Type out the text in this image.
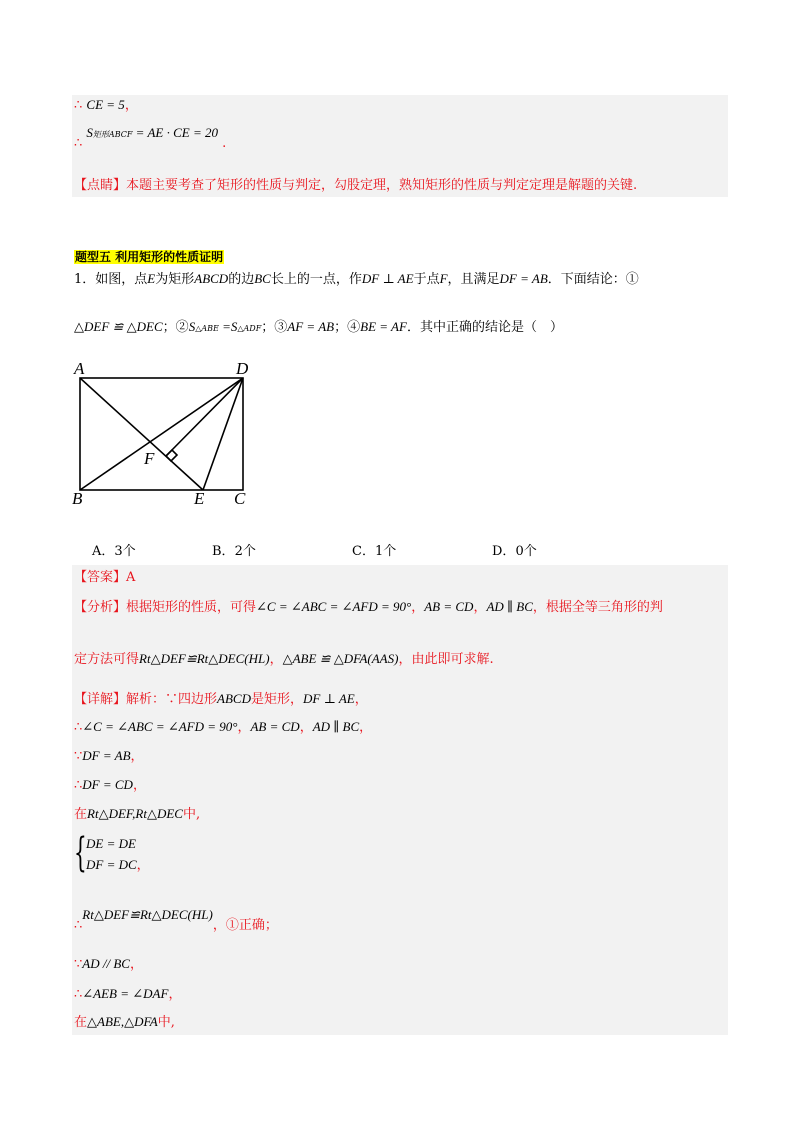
∴ CE = 5，
∴ S矩形ABCF = AE · CE = 20 .
【点睛】本题主要考查了矩形的性质与判定，勾股定理，熟知矩形的性质与判定定理是解题的关键.
题型五 利用矩形的性质证明
1．如图，点E为矩形ABCD的边BC长上的一点，作DF ⊥ AE于点F，且满足DF = AB．下面结论：①
△DEF ≌ △DEC；②S△ABE =S△ADF；③AF = AB；④BE = AF．其中正确的结论是（　）
A	D
F
B	E C
A．3个	B．2个	C．1个	D．0个
【答案】A
【分析】根据矩形的性质，可得∠C = ∠ABC = ∠AFD = 90°，AB = CD，AD ∥ BC，根据全等三角形的判
定方法可得Rt△DEF≌Rt△DEC(HL)，△ABE ≌ △DFA(AAS)，由此即可求解.
【详解】解析：∵四边形ABCD是矩形，DF ⊥ AE，
∴∠C = ∠ABC = ∠AFD = 90°，AB = CD，AD ∥ BC，
∵DF = AB，
∴DF = CD，
在Rt△DEF,Rt△DEC中,
{ DE = DE
DF = DC，
∴Rt△DEF≌Rt△DEC(HL)，①正确；
∵AD // BC，
∴∠AEB = ∠DAF，
在△ABE,△DFA中,
